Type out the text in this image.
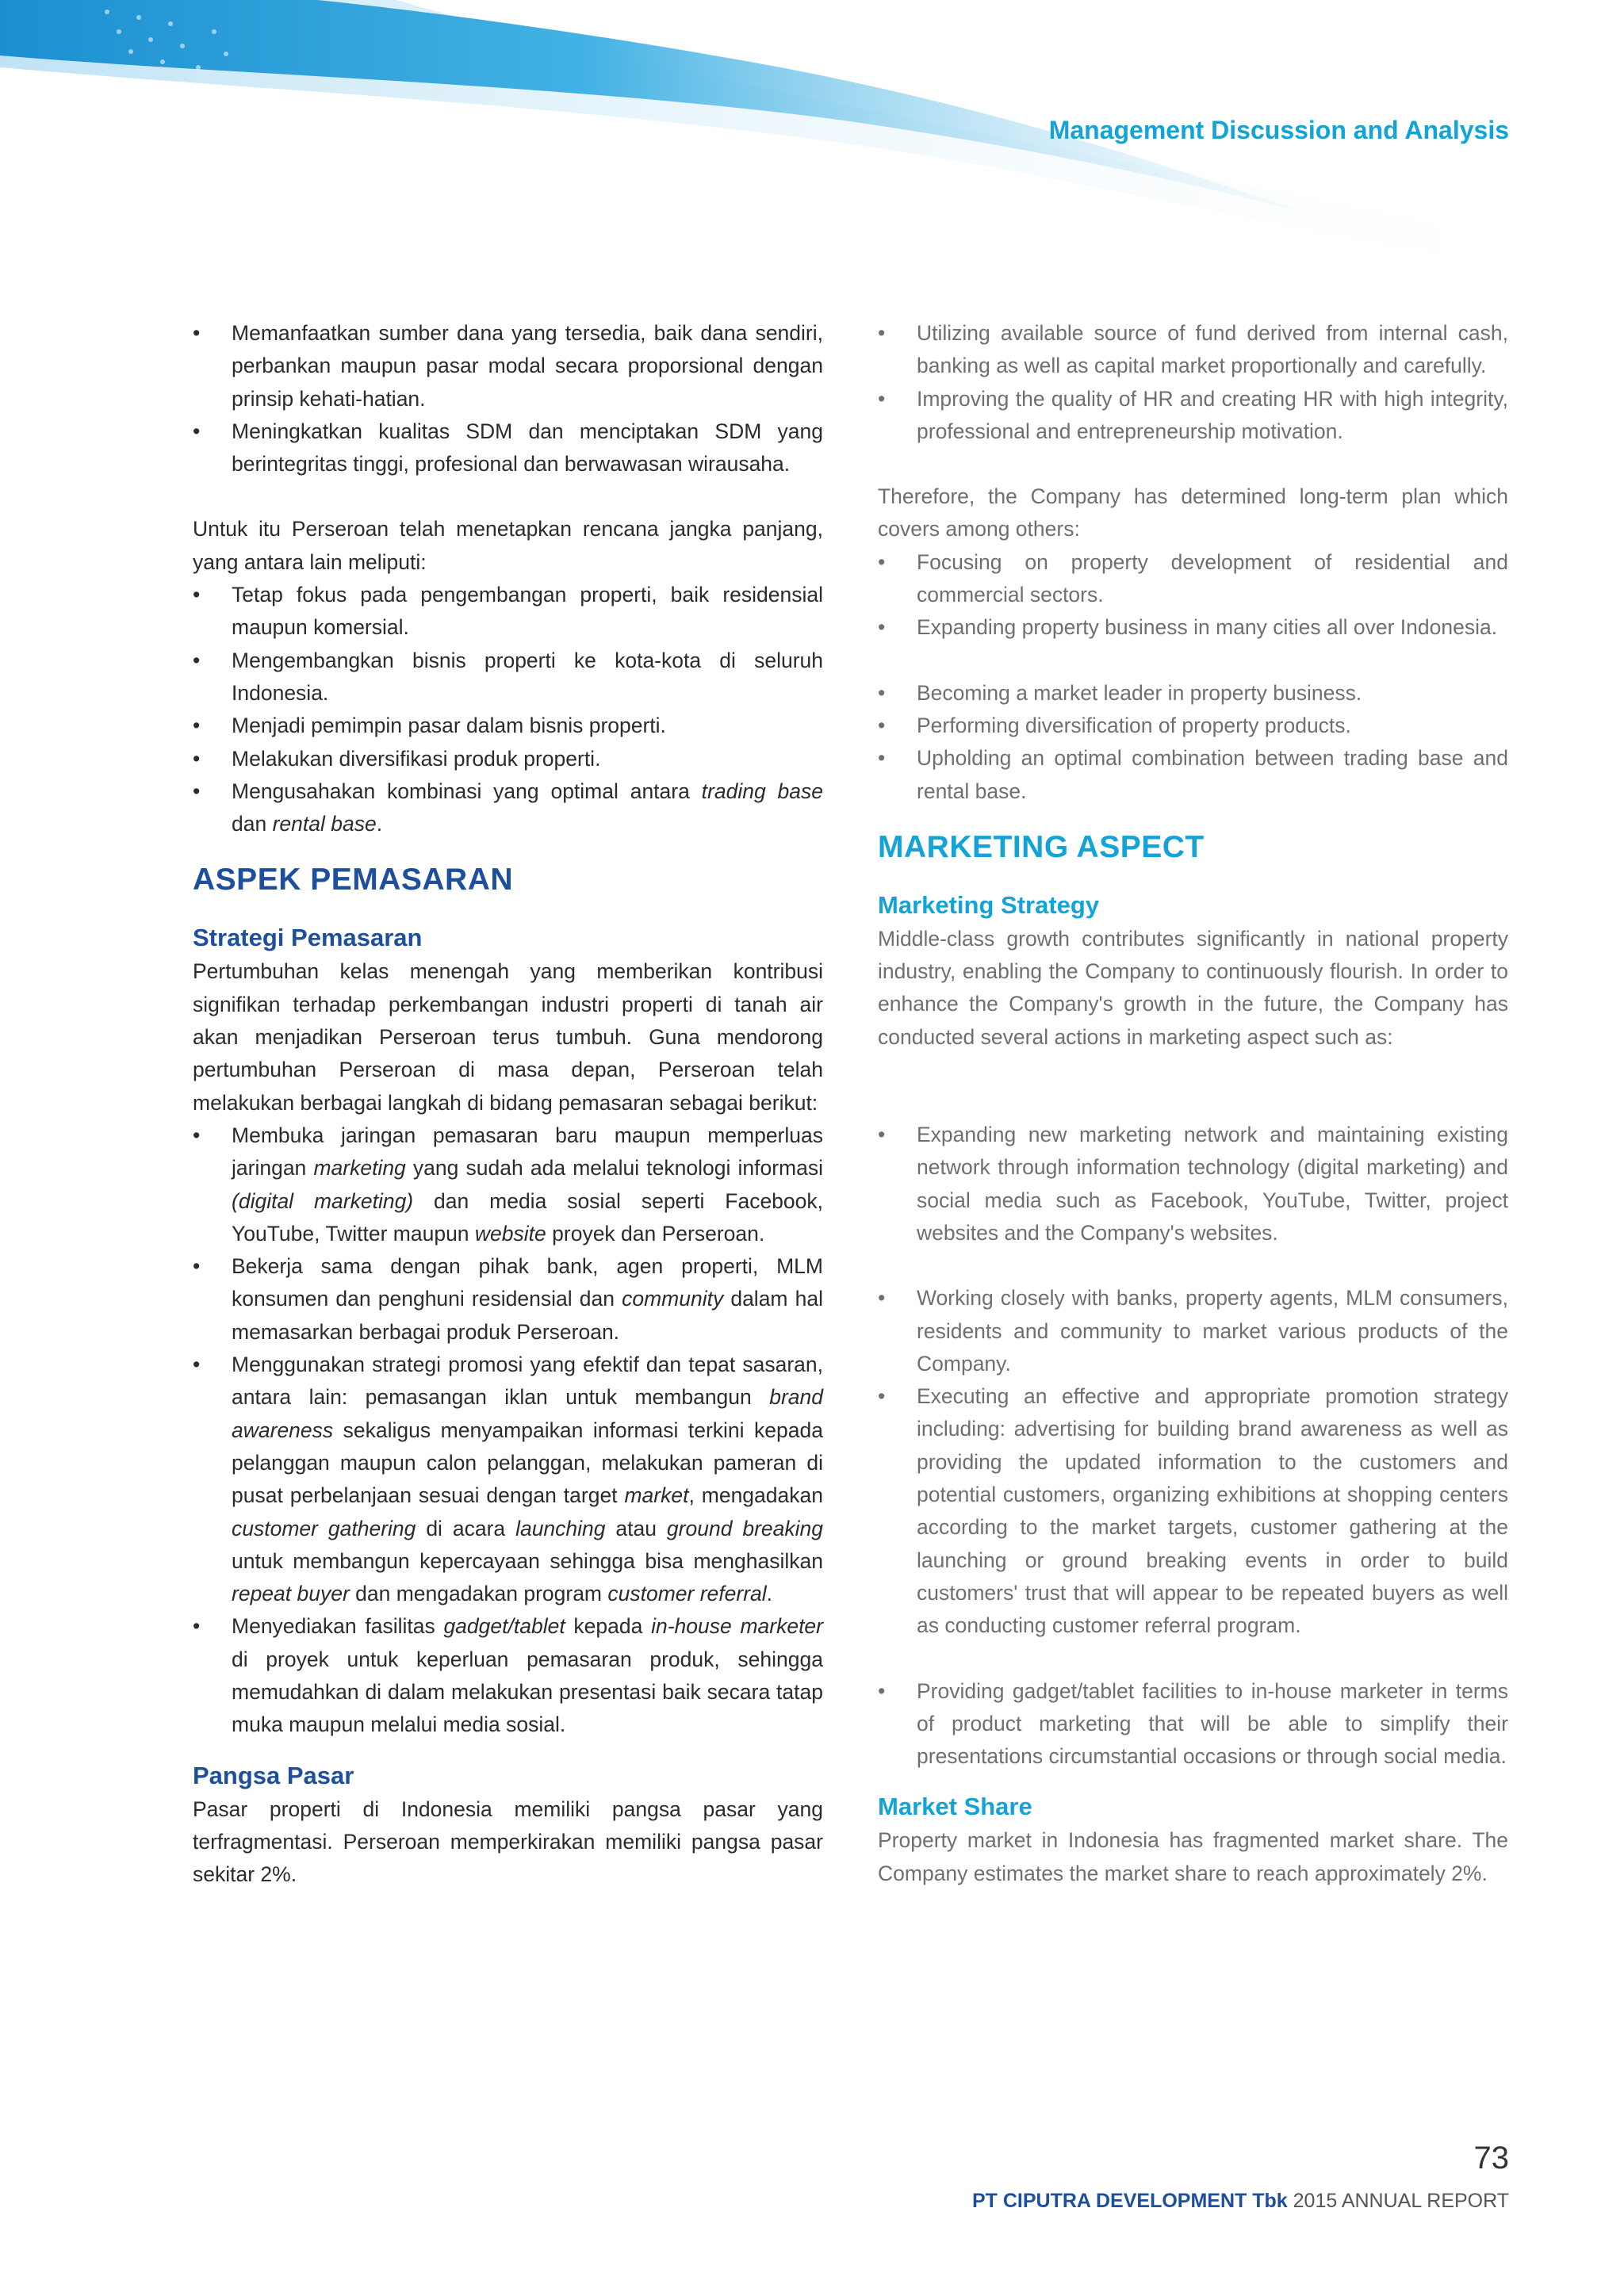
Management Discussion and Analysis
• Memanfaatkan sumber dana yang tersedia, baik dana sendiri, perbankan maupun pasar modal secara proporsional dengan prinsip kehati-hatian.
• Meningkatkan kualitas SDM dan menciptakan SDM yang berintegritas tinggi, profesional dan berwawasan wirausaha.

Untuk itu Perseroan telah menetapkan rencana jangka panjang, yang antara lain meliputi:

• Tetap fokus pada pengembangan properti, baik residensial maupun komersial.
• Mengembangkan bisnis properti ke kota-kota di seluruh Indonesia.
• Menjadi pemimpin pasar dalam bisnis properti.
• Melakukan diversifikasi produk properti.
• Mengusahakan kombinasi yang optimal antara trading base dan rental base.
ASPEK PEMASARAN
Strategi Pemasaran

Pertumbuhan kelas menengah yang memberikan kontribusi signifikan terhadap perkembangan industri properti di tanah air akan menjadikan Perseroan terus tumbuh. Guna mendorong pertumbuhan Perseroan di masa depan, Perseroan telah melakukan berbagai langkah di bidang pemasaran sebagai berikut:

• Membuka jaringan pemasaran baru maupun memperluas jaringan marketing yang sudah ada melalui teknologi informasi (digital marketing) dan media sosial seperti Facebook, YouTube, Twitter maupun website proyek dan Perseroan.
• Bekerja sama dengan pihak bank, agen properti, MLM konsumen dan penghuni residensial dan community dalam hal memasarkan berbagai produk Perseroan.
• Menggunakan strategi promosi yang efektif dan tepat sasaran, antara lain: pemasangan iklan untuk membangun brand awareness sekaligus menyampaikan informasi terkini kepada pelanggan maupun calon pelanggan, melakukan pameran di pusat perbelanjaan sesuai dengan target market, mengadakan customer gathering di acara launching atau ground breaking untuk membangun kepercayaan sehingga bisa menghasilkan repeat buyer dan mengadakan program customer referral.
• Menyediakan fasilitas gadget/tablet kepada in-house marketer di proyek untuk keperluan pemasaran produk, sehingga memudahkan di dalam melakukan presentasi baik secara tatap muka maupun melalui media sosial.
Pangsa Pasar

Pasar properti di Indonesia memiliki pangsa pasar yang terfragmentasi. Perseroan memperkirakan memiliki pangsa pasar sekitar 2%.

• Utilizing available source of fund derived from internal cash, banking as well as capital market proportionally and carefully.
• Improving the quality of HR and creating HR with high integrity, professional and entrepreneurship motivation.

Therefore, the Company has determined long-term plan which covers among others:

• Focusing on property development of residential and commercial sectors.
• Expanding property business in many cities all over Indonesia.
• Becoming a market leader in property business.
• Performing diversification of property products.
• Upholding an optimal combination between trading base and rental base.
MARKETING ASPECT
Marketing Strategy

Middle-class growth contributes significantly in national property industry, enabling the Company to continuously flourish. In order to enhance the Company's growth in the future, the Company has conducted several actions in marketing aspect such as:

• Expanding new marketing network and maintaining existing network through information technology (digital marketing) and social media such as Facebook, YouTube, Twitter, project websites and the Company's websites.
• Working closely with banks, property agents, MLM consumers, residents and community to market various products of the Company.
• Executing an effective and appropriate promotion strategy including: advertising for building brand awareness as well as providing the updated information to the customers and potential customers, organizing exhibitions at shopping centers according to the market targets, customer gathering at the launching or ground breaking events in order to build customers' trust that will appear to be repeated buyers as well as conducting customer referral program.
• Providing gadget/tablet facilities to in-house marketer in terms of product marketing that will be able to simplify their presentations circumstantial occasions or through social media.
Market Share

Property market in Indonesia has fragmented market share. The Company estimates the market share to reach approximately 2%.

73
PT CIPUTRA DEVELOPMENT Tbk 2015 ANNUAL REPORT
